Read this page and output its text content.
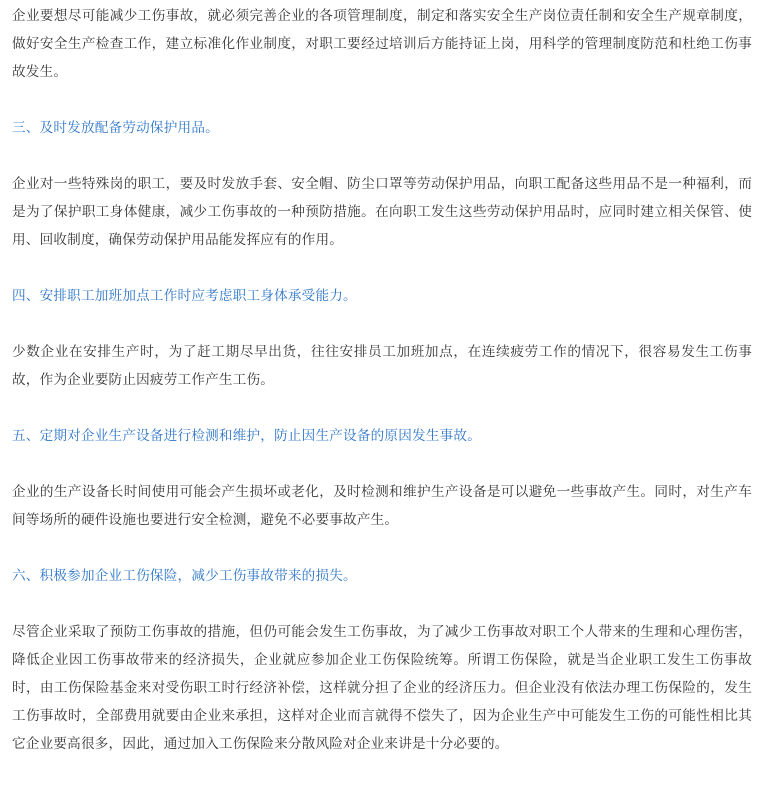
企业要想尽可能减少工伤事故，就必须完善企业的各项管理制度，制定和落实安全生产岗位责任制和安全生产规章制度，做好安全生产检查工作，建立标准化作业制度，对职工要经过培训后方能持证上岗，用科学的管理制度防范和杜绝工伤事故发生。

三、及时发放配备劳动保护用品。

企业对一些特殊岗的职工，要及时发放手套、安全帽、防尘口罩等劳动保护用品，向职工配备这些用品不是一种福利，而是为了保护职工身体健康，减少工伤事故的一种预防措施。在向职工发生这些劳动保护用品时，应同时建立相关保管、使用、回收制度，确保劳动保护用品能发挥应有的作用。

四、安排职工加班加点工作时应考虑职工身体承受能力。

少数企业在安排生产时，为了赶工期尽早出货，往往安排员工加班加点，在连续疲劳工作的情况下，很容易发生工伤事故，作为企业要防止因疲劳工作产生工伤。

五、定期对企业生产设备进行检测和维护，防止因生产设备的原因发生事故。

企业的生产设备长时间使用可能会产生损坏或老化，及时检测和维护生产设备是可以避免一些事故产生。同时，对生产车间等场所的硬件设施也要进行安全检测，避免不必要事故产生。

六、积极参加企业工伤保险，减少工伤事故带来的损失。

尽管企业采取了预防工伤事故的措施，但仍可能会发生工伤事故，为了减少工伤事故对职工个人带来的生理和心理伤害，降低企业因工伤事故带来的经济损失，企业就应参加企业工伤保险统筹。所谓工伤保险，就是当企业职工发生工伤事故时，由工伤保险基金来对受伤职工时行经济补偿，这样就分担了企业的经济压力。但企业没有依法办理工伤保险的，发生工伤事故时，全部费用就要由企业来承担，这样对企业而言就得不偿失了，因为企业生产中可能发生工伤的可能性相比其它企业要高很多，因此，通过加入工伤保险来分散风险对企业来讲是十分必要的。
